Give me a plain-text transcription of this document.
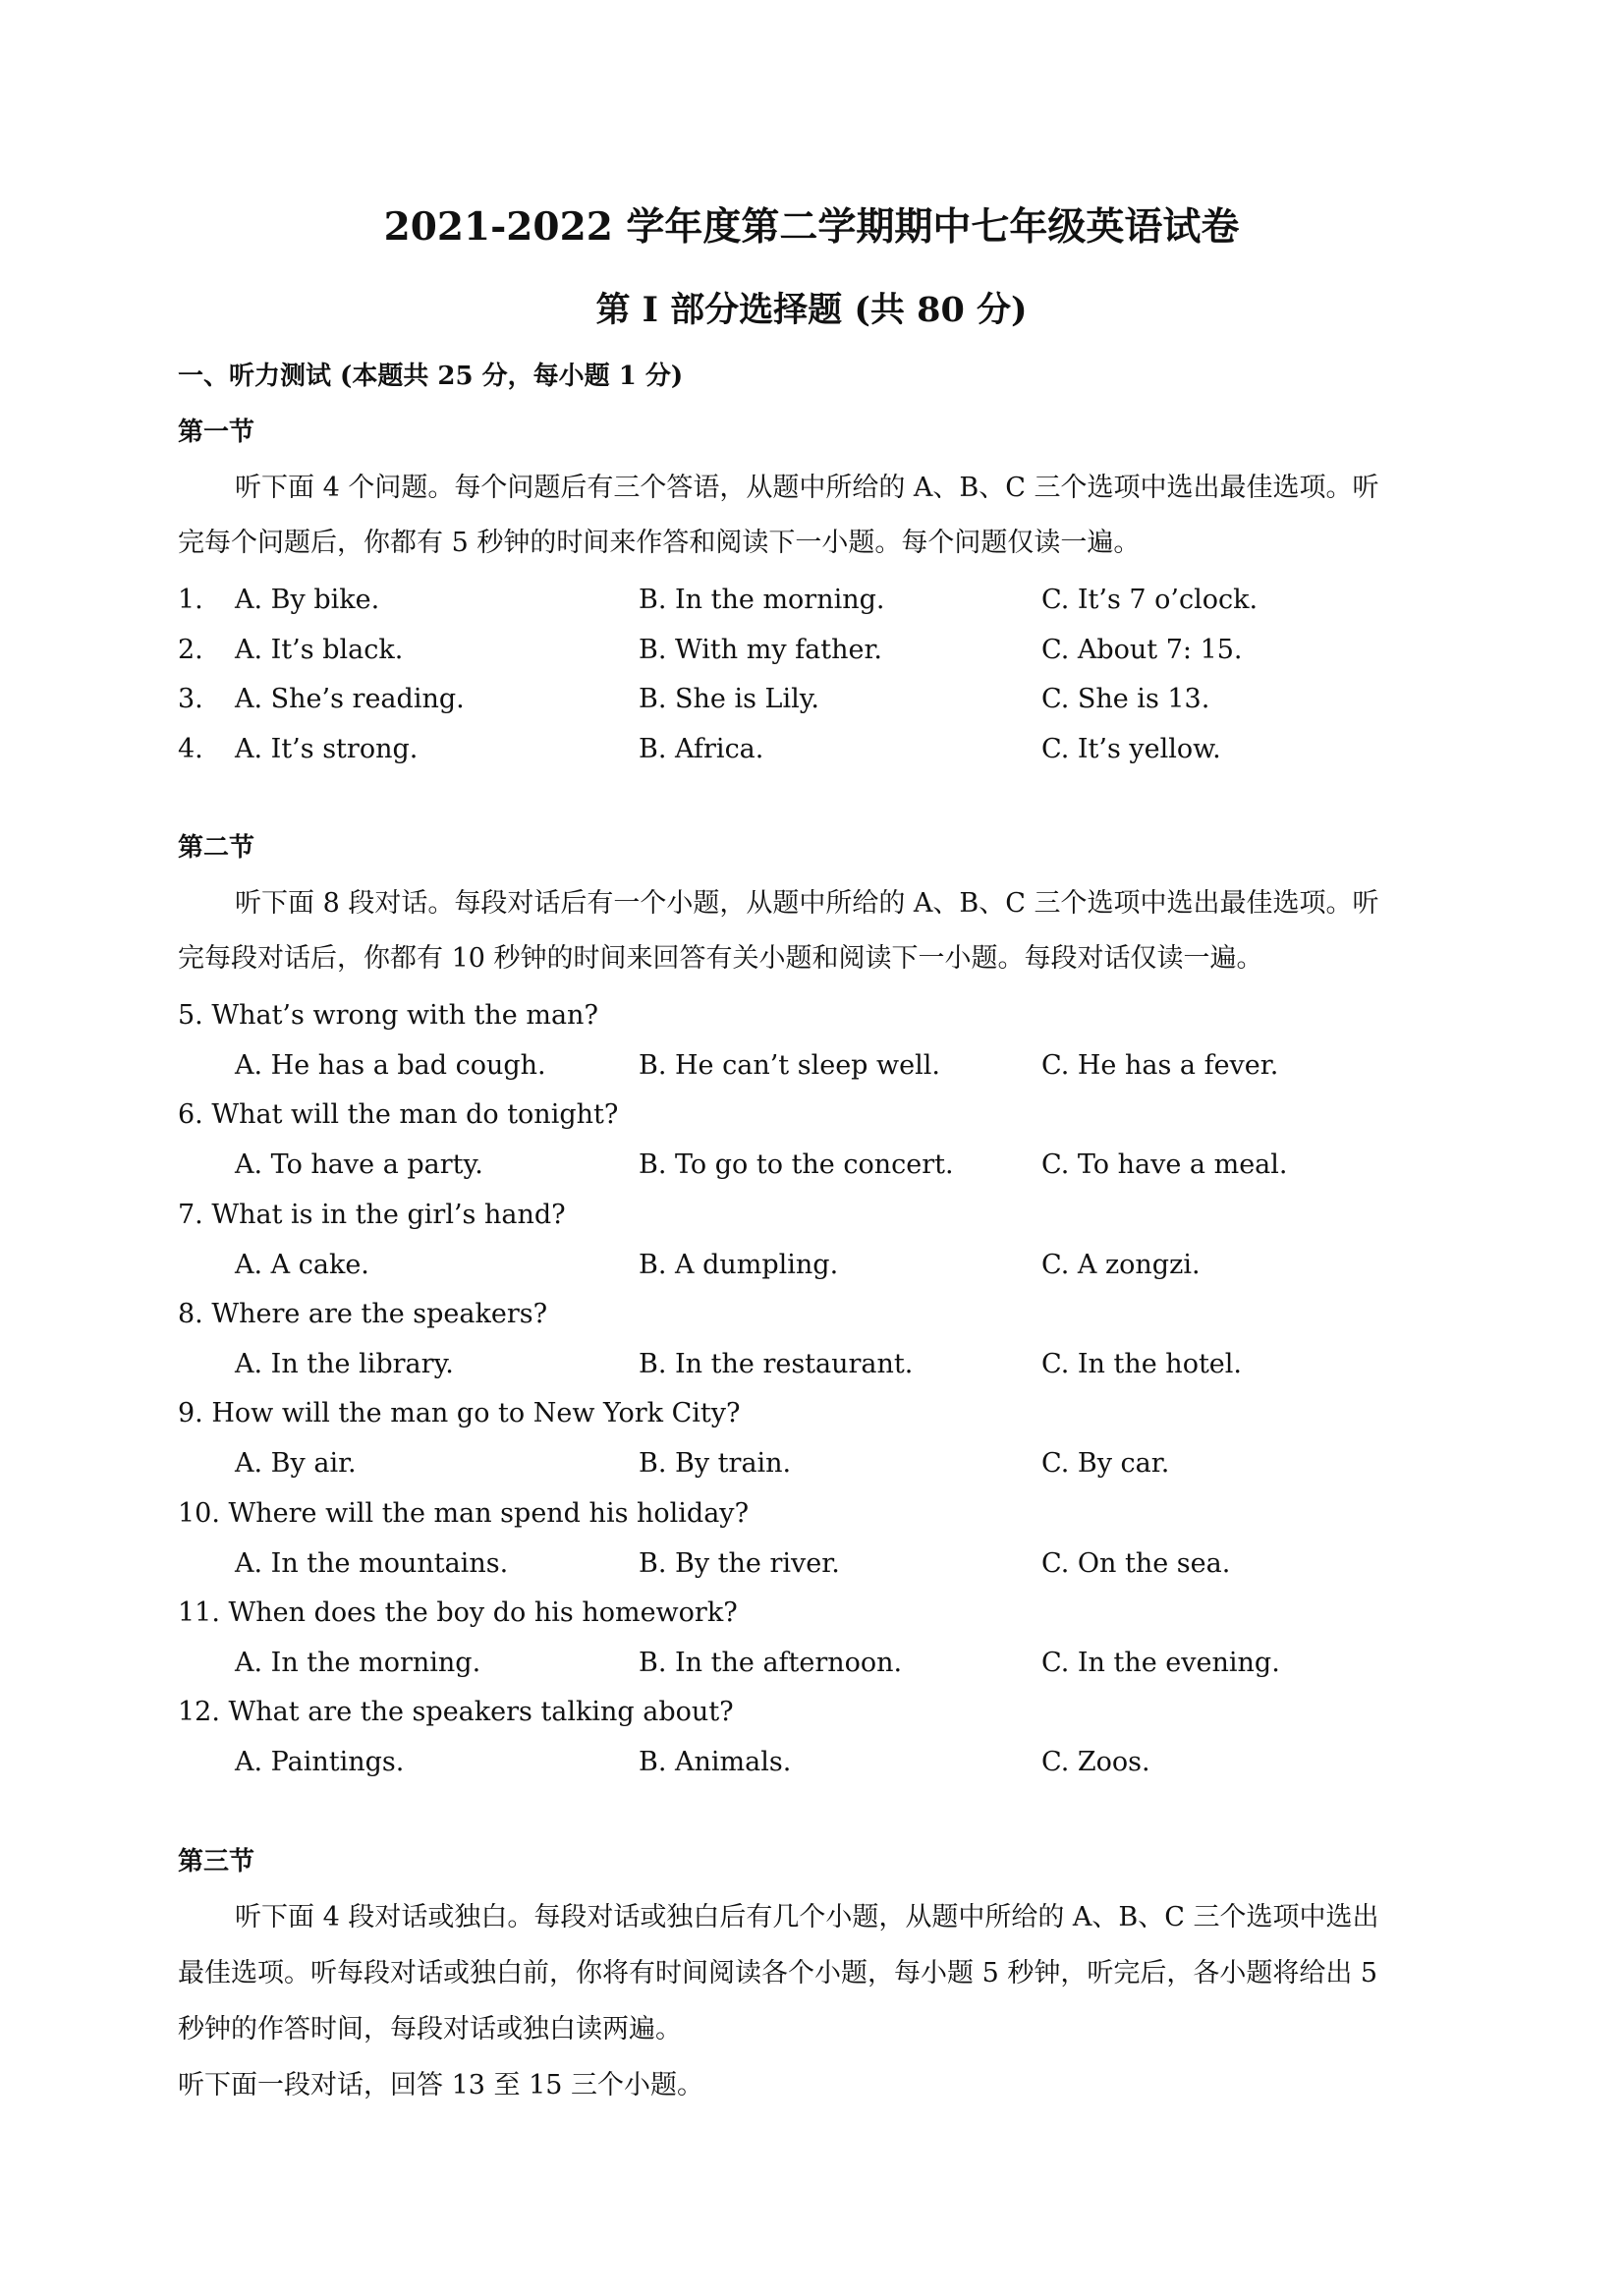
2021-2022 学年度第二学期期中七年级英语试卷
第 I 部分选择题 (共 80 分)
一、听力测试 (本题共 25 分，每小题 1 分)
第一节
听下面 4 个问题。每个问题后有三个答语，从题中所给的 A、B、C 三个选项中选出最佳选项。听
完每个问题后，你都有 5 秒钟的时间来作答和阅读下一小题。每个问题仅读一遍。
1. A. By bike.	B. In the morning.	C. It’s 7 o’clock.
2. A. It’s black.	B. With my father.	C. About 7: 15.
3. A. She’s reading.	B. She is Lily.	C. She is 13.
4. A. It’s strong.	B. Africa.	C. It’s yellow.
第二节
听下面 8 段对话。每段对话后有一个小题，从题中所给的 A、B、C 三个选项中选出最佳选项。听
完每段对话后，你都有 10 秒钟的时间来回答有关小题和阅读下一小题。每段对话仅读一遍。
5. What’s wrong with the man?
A. He has a bad cough.	B. He can’t sleep well.	C. He has a fever.
6. What will the man do tonight?
A. To have a party.	B. To go to the concert.	C. To have a meal.
7. What is in the girl’s hand?
A. A cake.	B. A dumpling.	C. A zongzi.
8. Where are the speakers?
A. In the library.	B. In the restaurant.	C. In the hotel.
9. How will the man go to New York City?
A. By air.	B. By train.	C. By car.
10. Where will the man spend his holiday?
A. In the mountains.	B. By the river.	C. On the sea.
11. When does the boy do his homework?
A. In the morning.	B. In the afternoon.	C. In the evening.
12. What are the speakers talking about?
A. Paintings.	B. Animals.	C. Zoos.
第三节
听下面 4 段对话或独白。每段对话或独白后有几个小题，从题中所给的 A、B、C 三个选项中选出
最佳选项。听每段对话或独白前，你将有时间阅读各个小题，每小题 5 秒钟，听完后，各小题将给出 5
秒钟的作答时间，每段对话或独白读两遍。
听下面一段对话，回答 13 至 15 三个小题。
